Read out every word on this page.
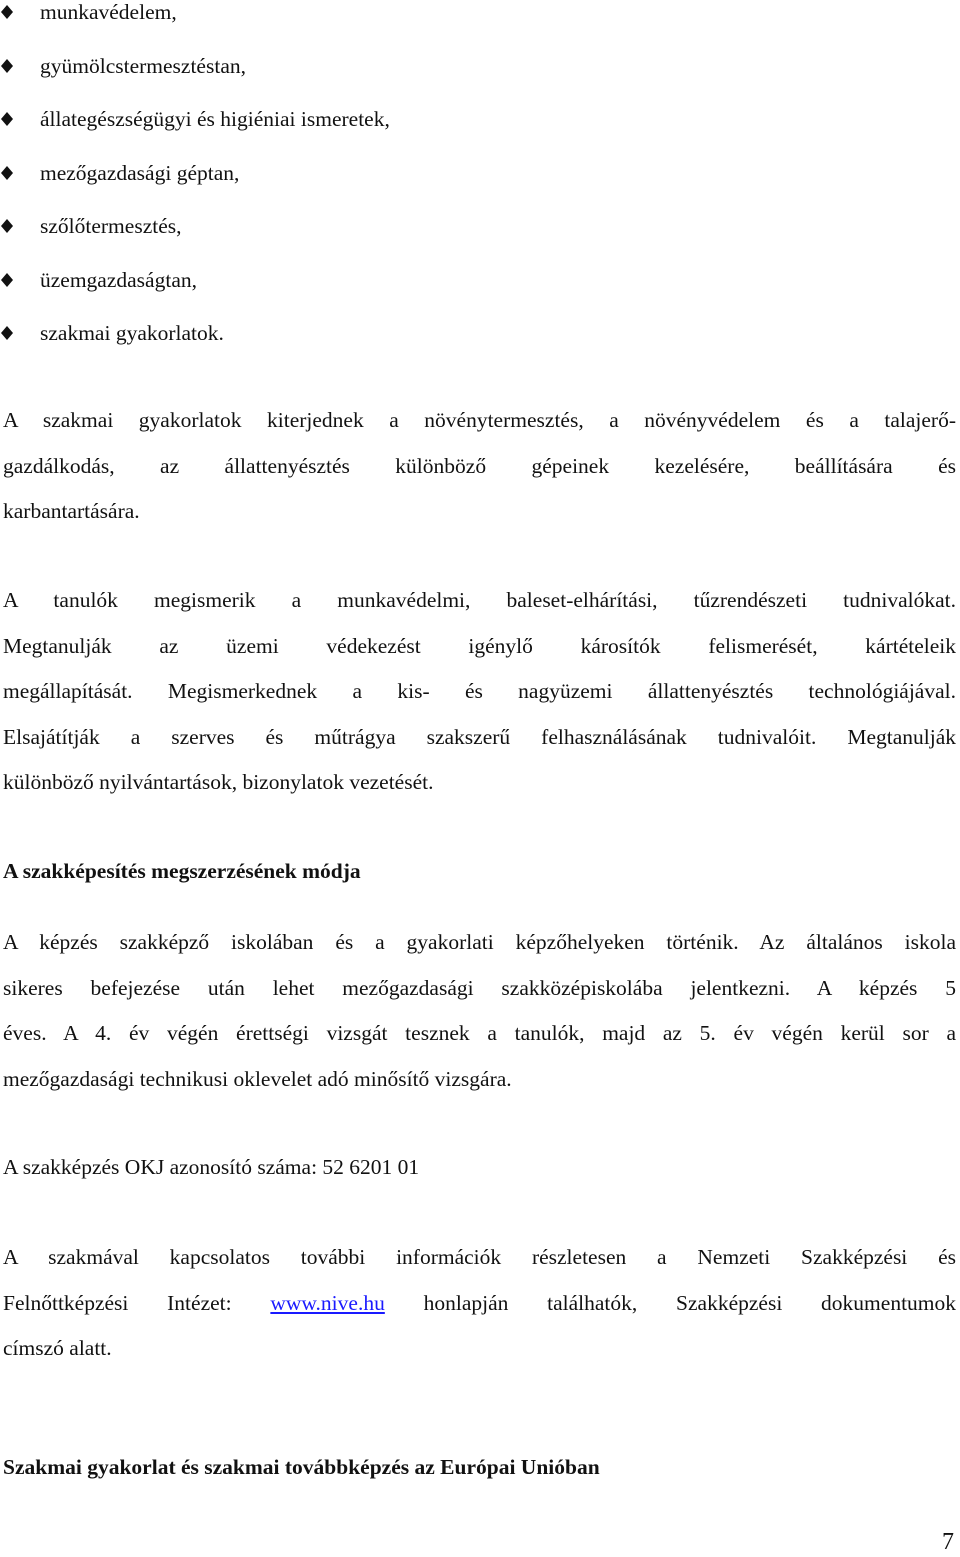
munkavédelem,
gyümölcstermesztéstan,
állategészségügyi és higiéniai ismeretek,
mezőgazdasági géptan,
szőlőtermesztés,
üzemgazdaságtan,
szakmai gyakorlatok.
A szakmai gyakorlatok kiterjednek a növénytermesztés, a növényvédelem és a talajerő-
gazdálkodás, az állattenyésztés különböző gépeinek kezelésére, beállítására és
karbantartására.
A tanulók megismerik a munkavédelmi, baleset-elhárítási, tűzrendészeti tudnivalókat.
Megtanulják az üzemi védekezést igénylő károsítók felismerését, kártételeik
megállapítását. Megismerkednek a kis- és nagyüzemi állattenyésztés technológiájával.
Elsajátítják a szerves és műtrágya szakszerű felhasználásának tudnivalóit. Megtanulják
különböző nyilvántartások, bizonylatok vezetését.
A szakképesítés megszerzésének módja
A képzés szakképző iskolában és a gyakorlati képzőhelyeken történik. Az általános iskola
sikeres befejezése után lehet mezőgazdasági szakközépiskolába jelentkezni. A képzés 5
éves. A 4. év végén érettségi vizsgát tesznek a tanulók, majd az 5. év végén kerül sor a
mezőgazdasági technikusi oklevelet adó minősítő vizsgára.

A szakképzés OKJ azonosító száma: 52 6201 01

A szakmával kapcsolatos további információk részletesen a Nemzeti Szakképzési és
Felnőttképzési Intézet: www.nive.hu honlapján találhatók, Szakképzési dokumentumok
címszó alatt.
Szakmai gyakorlat és szakmai továbbképzés az Európai Unióban
7
